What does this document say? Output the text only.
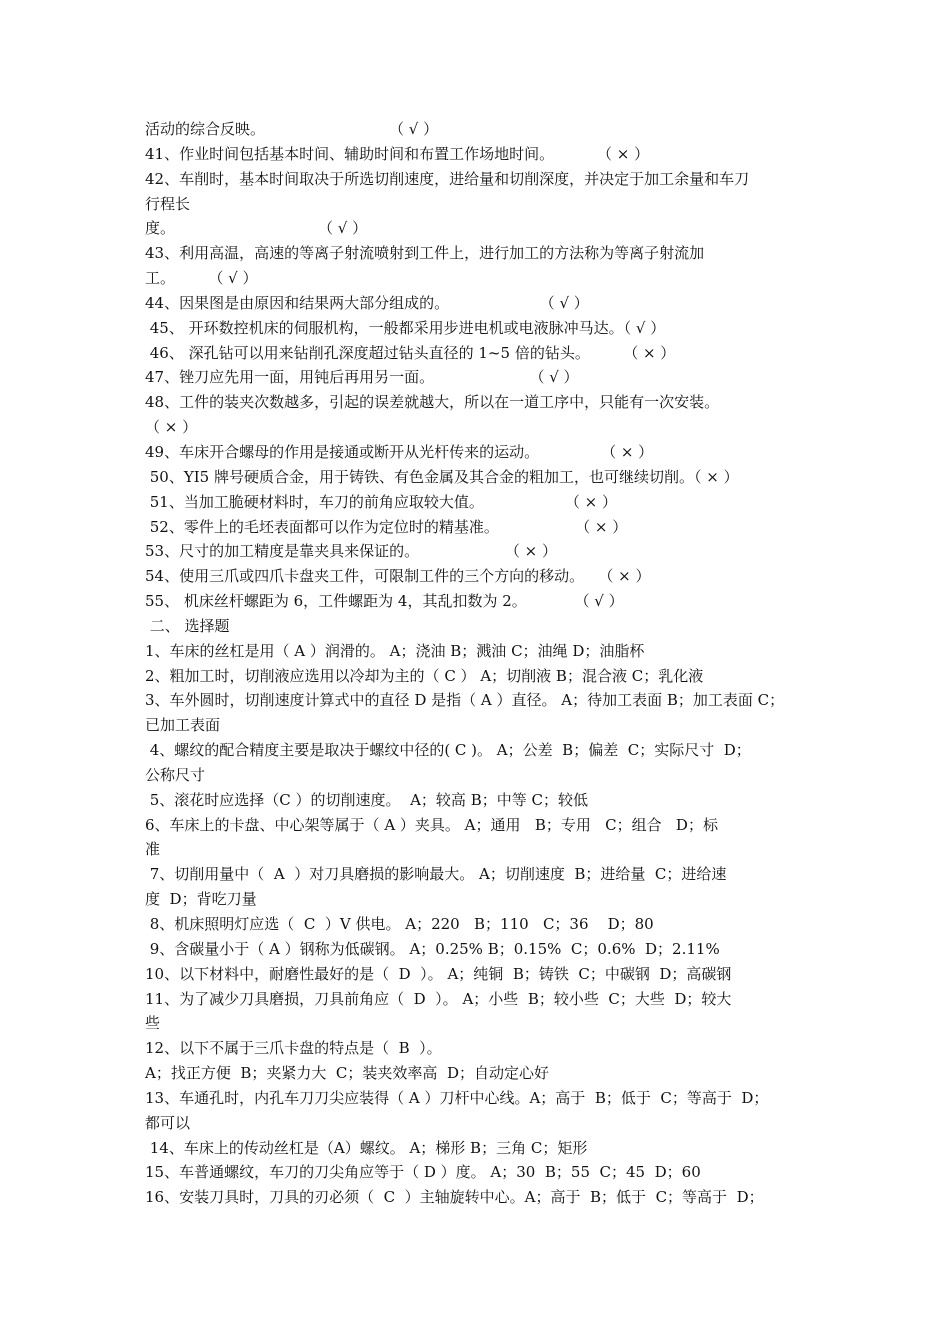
活动的综合反映。                          （ √ ）
41、作业时间包括基本时间、辅助时间和布置工作场地时间。         （ × ）
42、车削时，基本时间取决于所选切削速度，进给量和切削深度，并决定于加工余量和车刀
行程长
度。                              （ √ ）
43、利用高温，高速的等离子射流喷射到工件上，进行加工的方法称为等离子射流加
工。       （ √ ）
44、因果图是由原因和结果两大部分组成的。                   （ √ ）
45、 开环数控机床的伺服机构，一般都采用步进电机或电液脉冲马达。（ √ ）
46、 深孔钻可以用来钻削孔深度超过钻头直径的 1~5 倍的钻头。       （ × ）
47、锉刀应先用一面，用钝后再用另一面。                    （ √ ）
48、工件的装夹次数越多，引起的误差就越大，所以在一道工序中，只能有一次安装。
（ × ）
49、车床开合螺母的作用是接通或断开从光杆传来的运动。             （ × ）
50、YI5 牌号硬质合金，用于铸铁、有色金属及其合金的粗加工，也可继续切削。（ × ）
51、当加工脆硬材料时，车刀的前角应取较大值。                 （ × ）
52、零件上的毛坯表面都可以作为定位时的精基准。                （ × ）
53、尺寸的加工精度是靠夹具来保证的。                  （ × ）
54、使用三爪或四爪卡盘夹工件，可限制工件的三个方向的移动。   （ × ）
55、 机床丝杆螺距为 6，工件螺距为 4，其乱扣数为 2。          （ √ ）
二、 选择题
1、车床的丝杠是用（ A ）润滑的。 A；浇油 B；溅油 C；油绳 D；油脂杯
2、粗加工时，切削液应选用以冷却为主的（ C ） A；切削液 B；混合液 C；乳化液
3、车外圆时，切削速度计算式中的直径 D 是指（ A ）直径。 A；待加工表面 B；加工表面 C；
已加工表面
4、螺纹的配合精度主要是取决于螺纹中径的( C )。 A；公差  B；偏差  C；实际尺寸  D；
公称尺寸
5、滚花时应选择（C ）的切削速度。  A；较高 B；中等 C；较低
6、车床上的卡盘、中心架等属于（ A ）夹具。 A；通用   B；专用   C；组合   D；标
准
7、切削用量中（  A  ）对刀具磨损的影响最大。 A；切削速度  B；进给量  C；进给速
度  D；背吃刀量
8、机床照明灯应选（  C  ）V 供电。 A；220   B；110   C；36    D；80
9、含碳量小于（ A ）钢称为低碳钢。 A；0.25% B；0.15%  C；0.6%  D；2.11%
10、以下材料中，耐磨性最好的是（  D  ）。 A；纯铜  B；铸铁  C；中碳钢  D；高碳钢
11、为了减少刀具磨损，刀具前角应（  D  ）。 A；小些  B；较小些  C；大些  D；较大
些
12、以下不属于三爪卡盘的特点是（  B  ）。
A；找正方便  B；夹紧力大  C；装夹效率高  D；自动定心好
13、车通孔时，内孔车刀刀尖应装得（ A ）刀杆中心线。A；高于  B；低于  C；等高于  D；
都可以
14、车床上的传动丝杠是（A）螺纹。 A；梯形 B；三角 C；矩形
15、车普通螺纹，车刀的刀尖角应等于（ D ）度。 A；30  B；55  C；45  D；60
16、安装刀具时，刀具的刃必须（  C  ）主轴旋转中心。A；高于  B；低于  C；等高于  D；
